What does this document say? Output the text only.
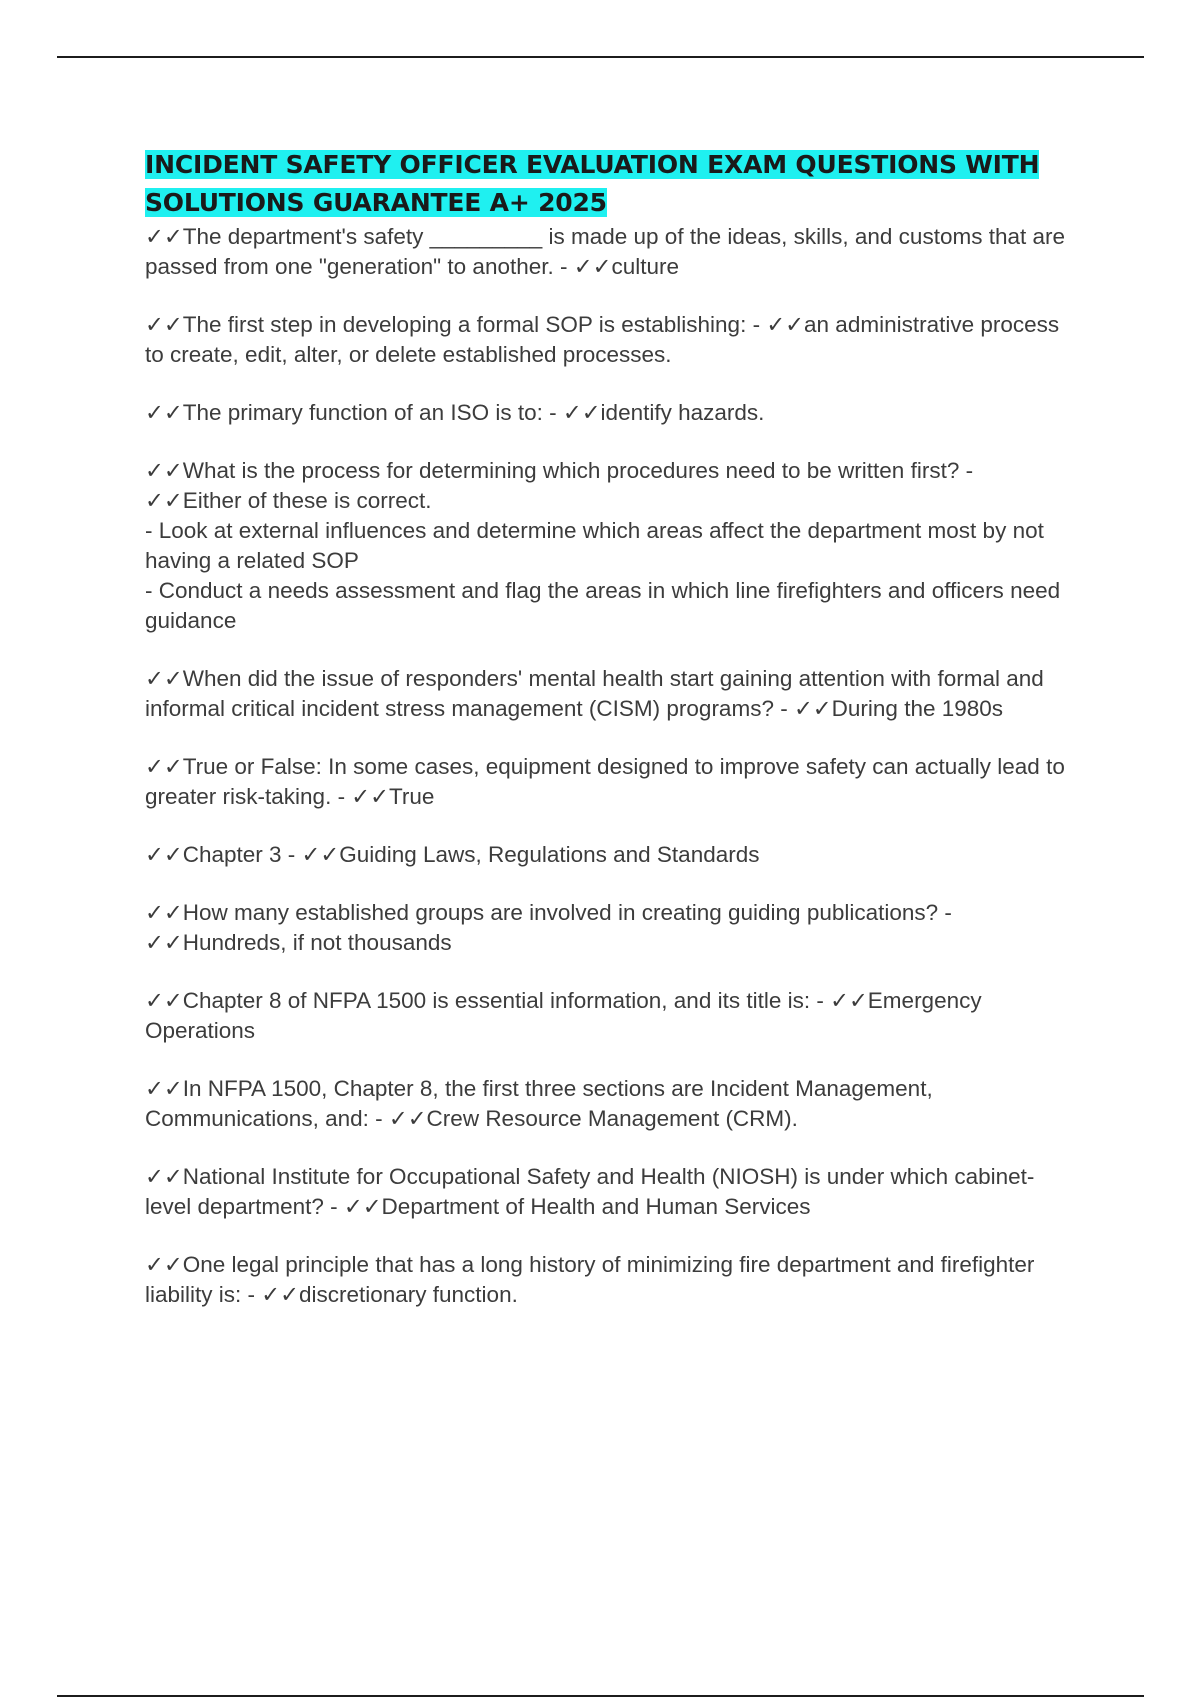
INCIDENT SAFETY OFFICER EVALUATION EXAM QUESTIONS WITH SOLUTIONS GUARANTEE A+ 2025

✓✓The department's safety _________ is made up of the ideas, skills, and customs that are passed from one "generation" to another. - ✓✓culture

✓✓The first step in developing a formal SOP is establishing: - ✓✓an administrative process to create, edit, alter, or delete established processes.

✓✓The primary function of an ISO is to: - ✓✓identify hazards.

✓✓What is the process for determining which procedures need to be written first? - ✓✓Either of these is correct.
- Look at external influences and determine which areas affect the department most by not having a related SOP
- Conduct a needs assessment and flag the areas in which line firefighters and officers need guidance

✓✓When did the issue of responders' mental health start gaining attention with formal and informal critical incident stress management (CISM) programs? - ✓✓During the 1980s

✓✓True or False: In some cases, equipment designed to improve safety can actually lead to greater risk-taking. - ✓✓True

✓✓Chapter 3 - ✓✓Guiding Laws, Regulations and Standards

✓✓How many established groups are involved in creating guiding publications? - ✓✓Hundreds, if not thousands

✓✓Chapter 8 of NFPA 1500 is essential information, and its title is: - ✓✓Emergency Operations

✓✓In NFPA 1500, Chapter 8, the first three sections are Incident Management, Communications, and: - ✓✓Crew Resource Management (CRM).

✓✓National Institute for Occupational Safety and Health (NIOSH) is under which cabinet-level department? - ✓✓Department of Health and Human Services

✓✓One legal principle that has a long history of minimizing fire department and firefighter liability is: - ✓✓discretionary function.
